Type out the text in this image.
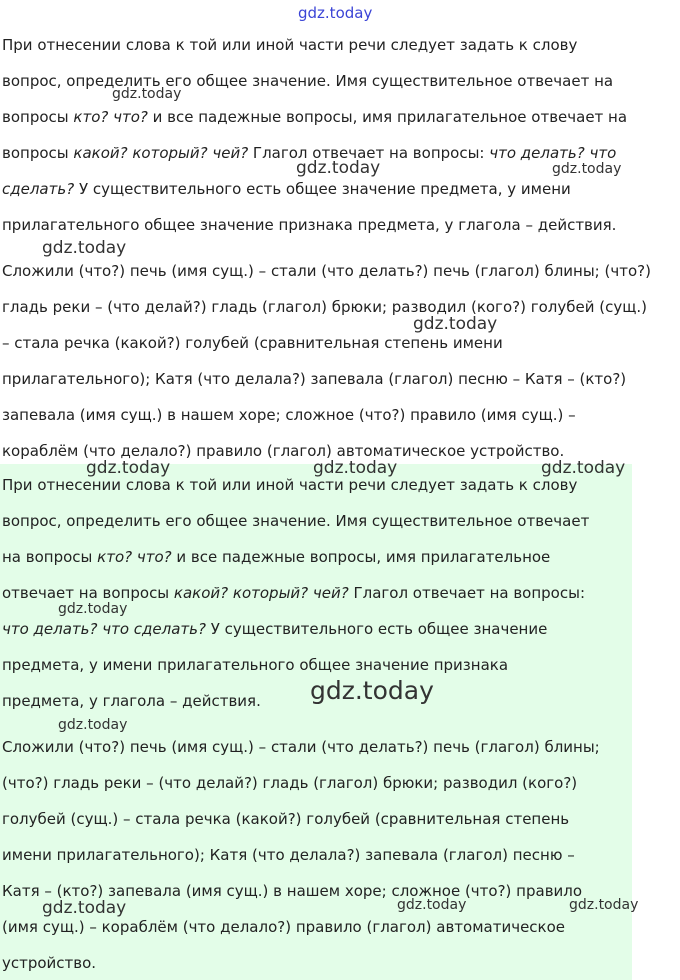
При отнесении слова к той или иной части речи следует задать к слову
вопрос, определить его общее значение. Имя существительное отвечает на
вопросы кто? что? и все падежные вопросы, имя прилагательное отвечает на
вопросы какой? который? чей? Глагол отвечает на вопросы: что делать? что
сделать? У существительного есть общее значение предмета, у имени
прилагательного общее значение признака предмета, у глагола – действия.
Сложили (что?) печь (имя сущ.) – стали (что делать?) печь (глагол) блины; (что?)
гладь реки – (что делай?) гладь (глагол) брюки; разводил (кого?) голубей (сущ.)
– стала речка (какой?) голубей (сравнительная степень имени
прилагательного); Катя (что делала?) запевала (глагол) песню – Катя – (кто?)
запевала (имя сущ.) в нашем хоре; сложное (что?) правило (имя сущ.) –
кораблём (что делало?) правило (глагол) автоматическое устройство.
При отнесении слова к той или иной части речи следует задать к слову
вопрос, определить его общее значение. Имя существительное отвечает
на вопросы кто? что? и все падежные вопросы, имя прилагательное
отвечает на вопросы какой? который? чей? Глагол отвечает на вопросы:
что делать? что сделать? У существительного есть общее значение
предмета, у имени прилагательного общее значение признака
предмета, у глагола – действия.
Сложили (что?) печь (имя сущ.) – стали (что делать?) печь (глагол) блины;
(что?) гладь реки – (что делай?) гладь (глагол) брюки; разводил (кого?)
голубей (сущ.) – стала речка (какой?) голубей (сравнительная степень
имени прилагательного); Катя (что делала?) запевала (глагол) песню –
Катя – (кто?) запевала (имя сущ.) в нашем хоре; сложное (что?) правило
(имя сущ.) – кораблём (что делало?) правило (глагол) автоматическое
устройство.
gdz.today
gdz.today
gdz.today	gdz.today
gdz.today
gdz.today
gdz.today	gdz.today	gdz.today
gdz.today
gdz.today
gdz.today
gdz.today	gdz.today	gdz.today
